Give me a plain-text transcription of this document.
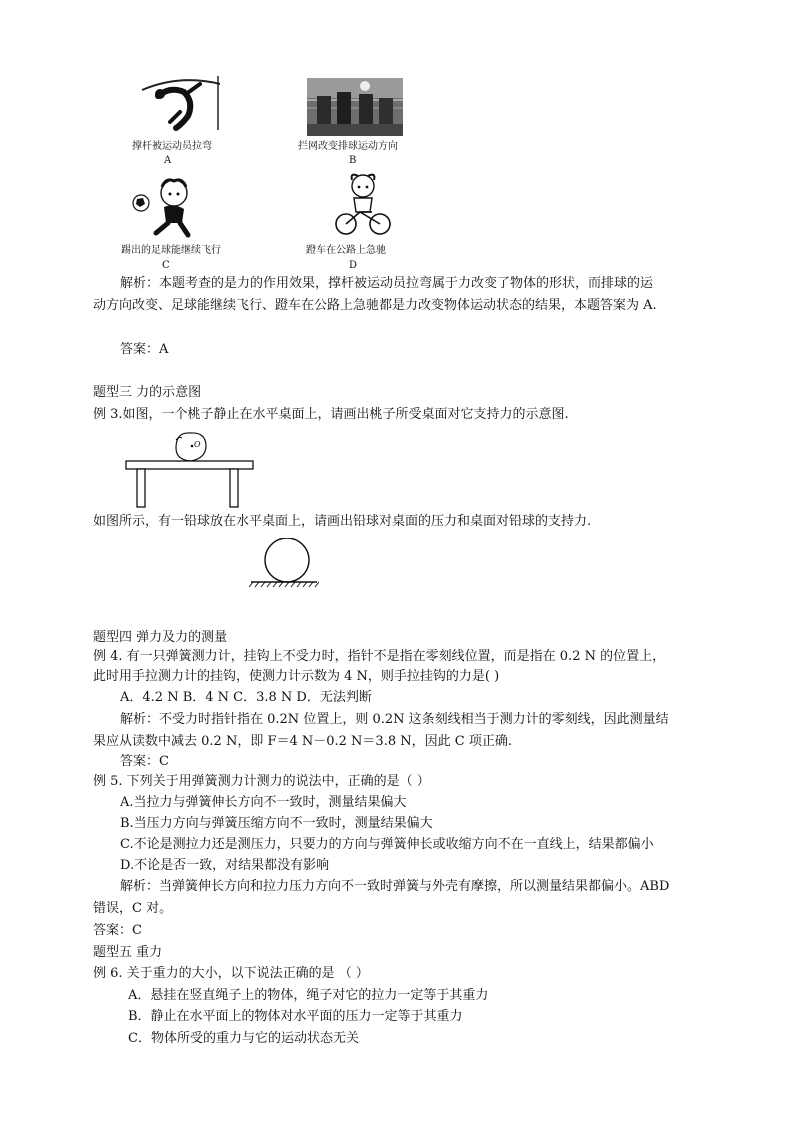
撑杆被运动员拉弯
A
拦网改变排球运动方向
B
踢出的足球能继续飞行
C
蹬车在公路上急驰
D
解析：本题考查的是力的作用效果，撑杆被运动员拉弯属于力改变了物体的形状，而排球的运
动方向改变、足球能继续飞行、蹬车在公路上急驰都是力改变物体运动状态的结果，本题答案为 A.
答案：A
题型三 力的示意图
例 3.如图，一个桃子静止在水平桌面上，请画出桃子所受桌面对它支持力的示意图.
O
如图所示，有一铅球放在水平桌面上，请画出铅球对桌面的压力和桌面对铅球的支持力.
题型四 弹力及力的测量
例 4. 有一只弹簧测力计，挂钩上不受力时，指针不是指在零刻线位置，而是指在 0.2 N 的位置上，
此时用手拉测力计的挂钩，使测力计示数为 4 N，则手拉挂钩的力是( )
A．4.2 N B．4 N C．3.8 N D．无法判断
解析：不受力时指针指在 0.2N 位置上，则 0.2N 这条刻线相当于测力计的零刻线，因此测量结
果应从读数中减去 0.2 N，即 F＝4 N－0.2 N＝3.8 N，因此 C 项正确.
答案：C
例 5. 下列关于用弹簧测力计测力的说法中，正确的是（ ）
A.当拉力与弹簧伸长方向不一致时，测量结果偏大
B.当压力方向与弹簧压缩方向不一致时，测量结果偏大
C.不论是测拉力还是测压力，只要力的方向与弹簧伸长或收缩方向不在一直线上，结果都偏小
D.不论是否一致，对结果都没有影响
解析：当弹簧伸长方向和拉力压力方向不一致时弹簧与外壳有摩擦，所以测量结果都偏小。ABD
错误，C 对。
答案：C
题型五 重力
例 6. 关于重力的大小，以下说法正确的是 （ ）
A．悬挂在竖直绳子上的物体，绳子对它的拉力一定等于其重力
B．静止在水平面上的物体对水平面的压力一定等于其重力
C．物体所受的重力与它的运动状态无关
